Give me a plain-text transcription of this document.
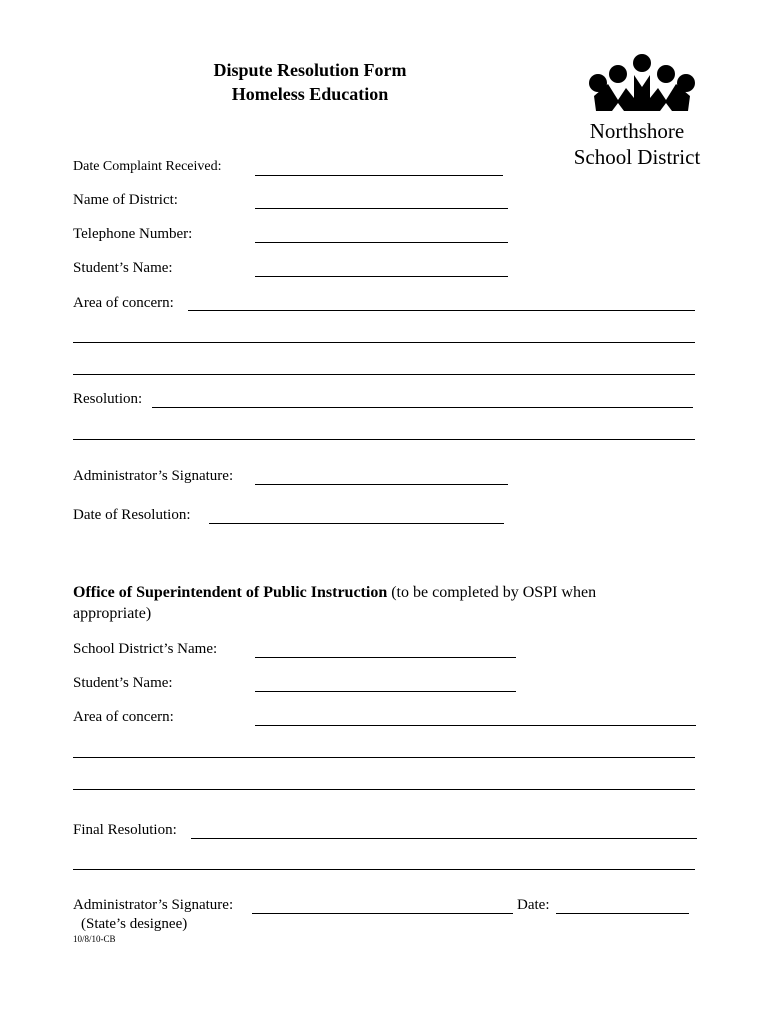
Dispute Resolution Form
Homeless Education
Northshore
School District
Date Complaint Received:
Name of District:
Telephone Number:
Student’s Name:
Area of concern:
Resolution:
Administrator’s Signature:
Date of Resolution:
Office of Superintendent of Public Instruction (to be completed by OSPI when
appropriate)
School District’s Name:
Student’s Name:
Area of concern:
Final Resolution:
Administrator’s Signature:	Date:
(State’s designee)
10/8/10-CB
